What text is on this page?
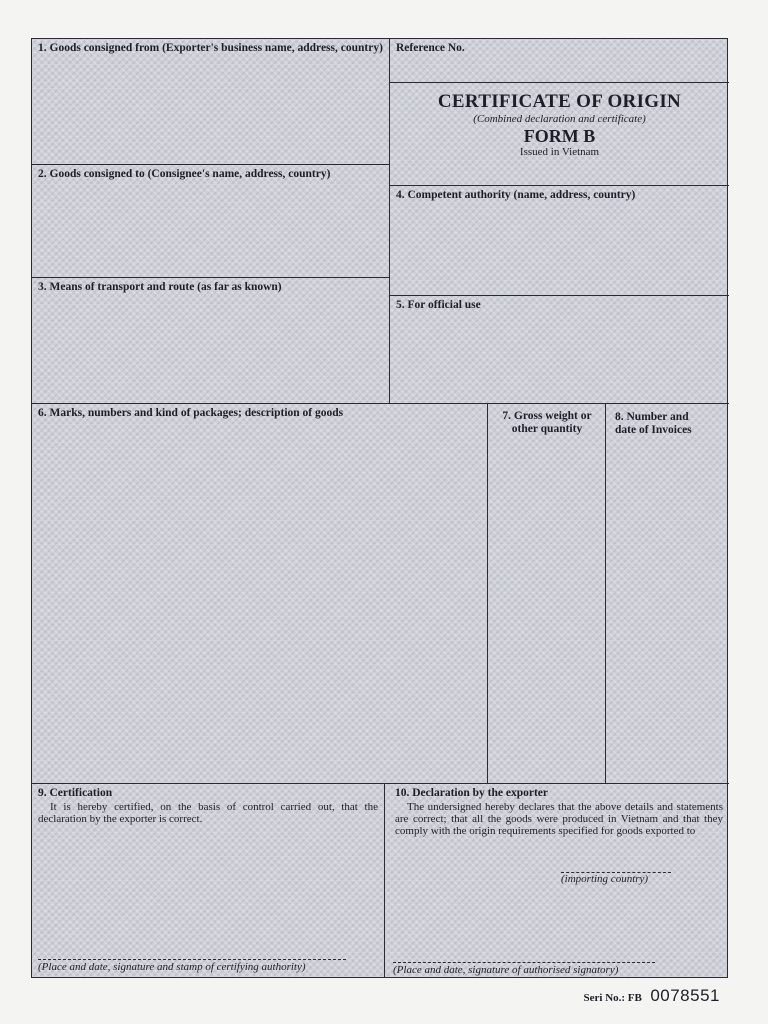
1. Goods consigned from (Exporter's business name, address, country) Reference No.
CERTIFICATE OF ORIGIN
(Combined declaration and certificate)
FORM B
Issued in Vietnam
2. Goods consigned to (Consignee's name, address, country)
4. Competent authority (name, address, country)
3. Means of transport and route (as far as known)
5. For official use
6. Marks, numbers and kind of packages; description of goods	7. Gross weight or
other quantity
8. Number and
date of Invoices
9. Certification
It is hereby certified, on the basis of control carried out, that the declaration by the exporter is correct.
(Place and date, signature and stamp of certifying authority)
10. Declaration by the exporter
The undersigned hereby declares that the above details and statements are correct; that all the goods were produced in Vietnam and that they comply with the origin requirements specified for goods exported to
(importing country)
(Place and date, signature of authorised signatory)
Seri No.: FB 0078551
